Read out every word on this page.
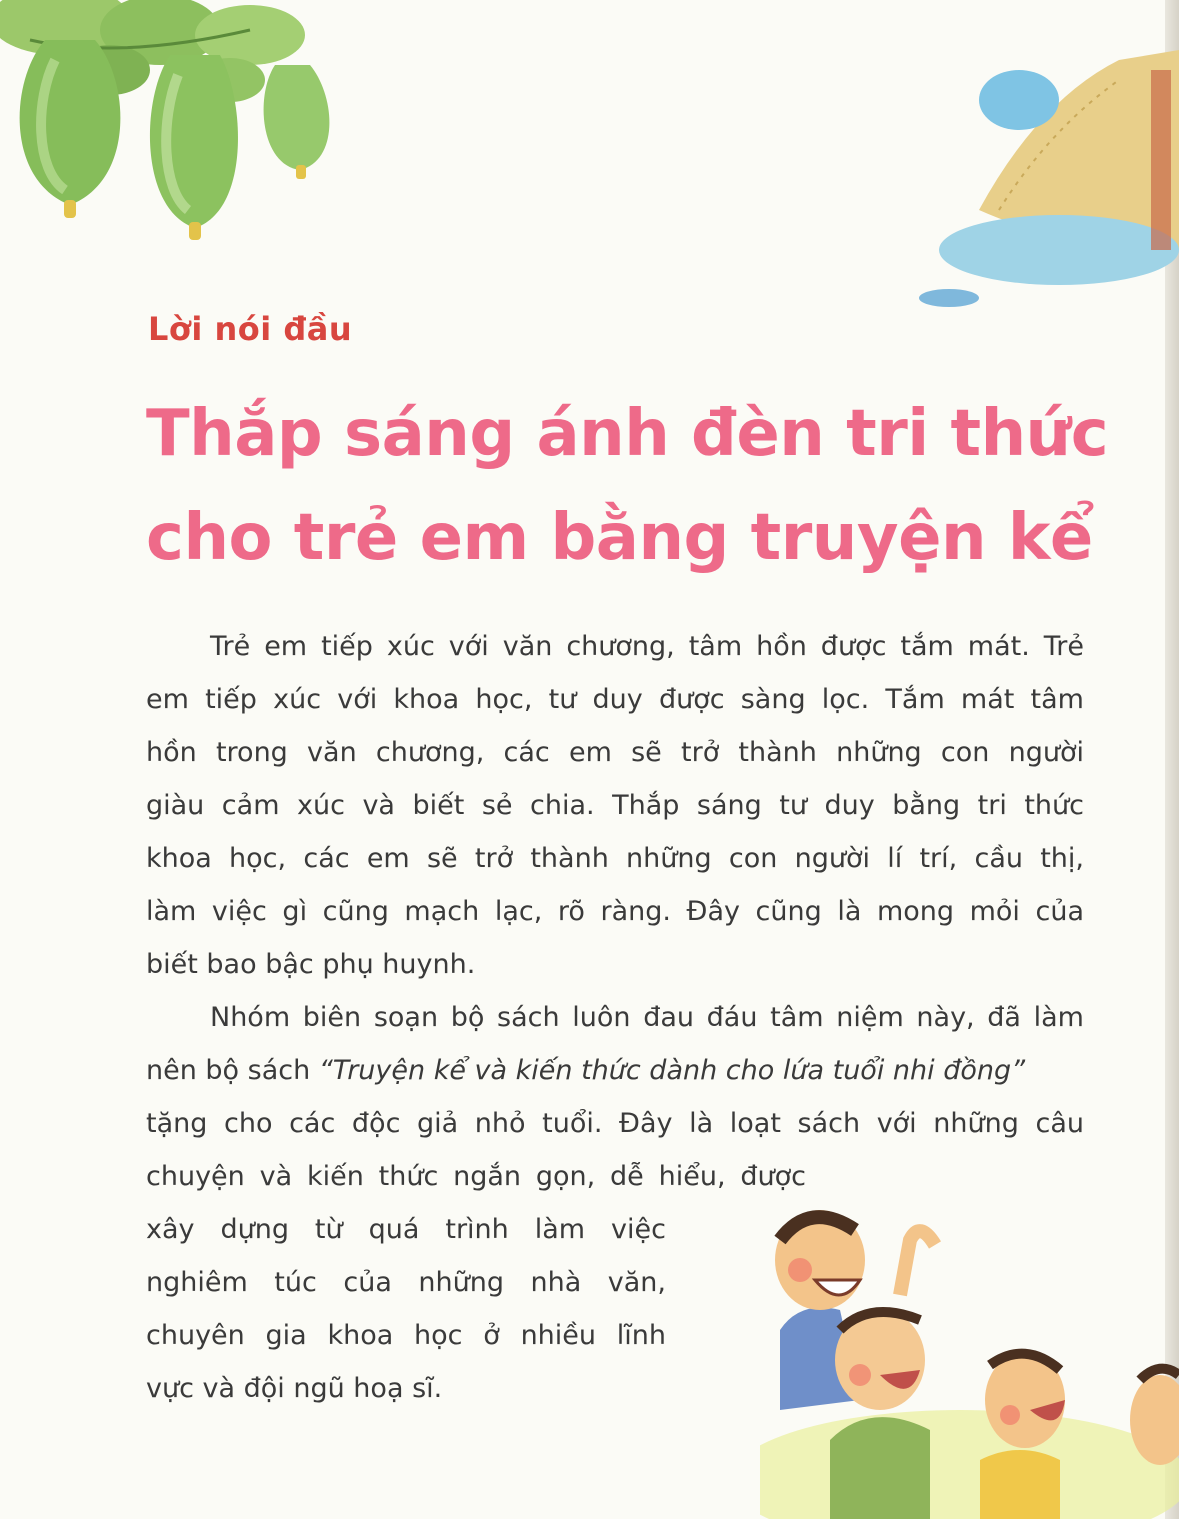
Lời nói đầu
Thắp sáng ánh đèn tri thức
cho trẻ em bằng truyện kể
Trẻ em tiếp xúc với văn chương, tâm hồn được tắm mát. Trẻ
em tiếp xúc với khoa học, tư duy được sàng lọc. Tắm mát tâm
hồn trong văn chương, các em sẽ trở thành những con người
giàu cảm xúc và biết sẻ chia. Thắp sáng tư duy bằng tri thức
khoa học, các em sẽ trở thành những con người lí trí, cầu thị,
làm việc gì cũng mạch lạc, rõ ràng. Đây cũng là mong mỏi của
biết bao bậc phụ huynh.
Nhóm biên soạn bộ sách luôn đau đáu tâm niệm này, đã làm
nên bộ sách “Truyện kể và kiến thức dành cho lứa tuổi nhi đồng”
tặng cho các độc giả nhỏ tuổi. Đây là loạt sách với những câu
chuyện và kiến thức ngắn gọn, dễ hiểu, được
xây dựng từ quá trình làm việc
nghiêm túc của những nhà văn,
chuyên gia khoa học ở nhiều lĩnh
vực và đội ngũ hoạ sĩ.
